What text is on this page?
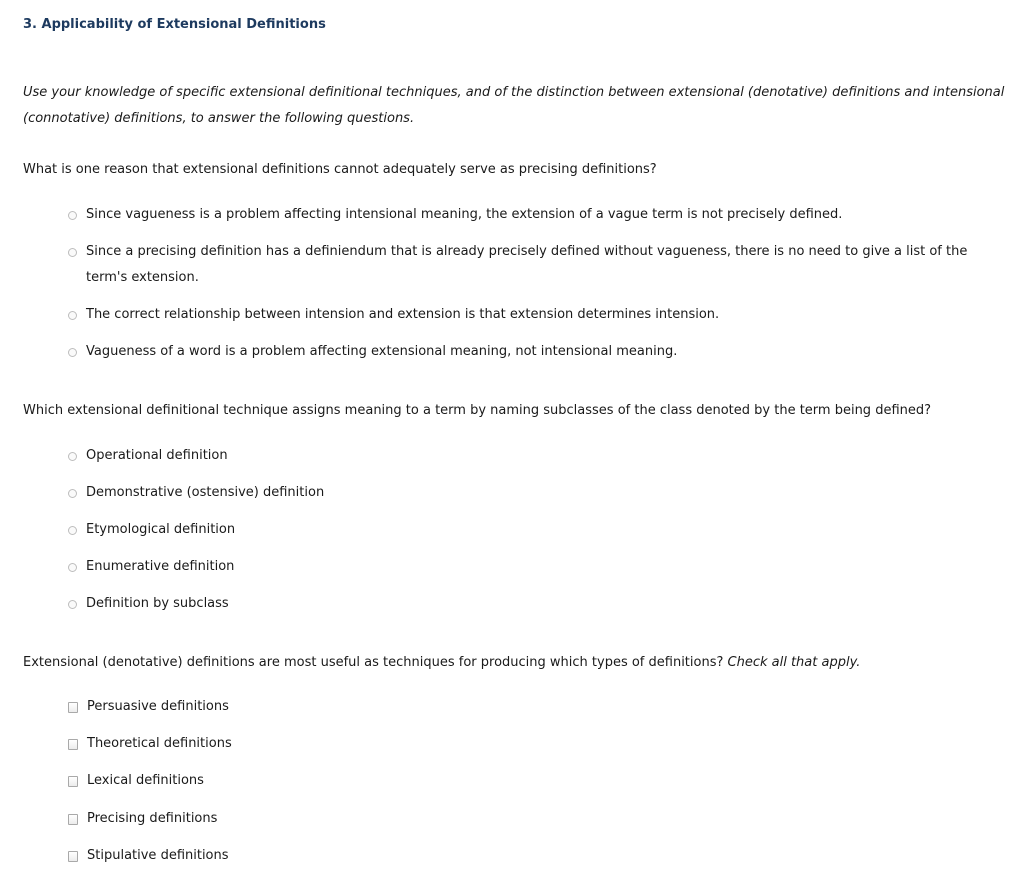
3. Applicability of Extensional Definitions

Use your knowledge of specific extensional definitional techniques, and of the distinction between extensional (denotative) definitions and intensional (connotative) definitions, to answer the following questions.

What is one reason that extensional definitions cannot adequately serve as precising definitions?

Since vagueness is a problem affecting intensional meaning, the extension of a vague term is not precisely defined.
Since a precising definition has a definiendum that is already precisely defined without vagueness, there is no need to give a list of the term's extension.
The correct relationship between intension and extension is that extension determines intension.
Vagueness of a word is a problem affecting extensional meaning, not intensional meaning.

Which extensional definitional technique assigns meaning to a term by naming subclasses of the class denoted by the term being defined?

Operational definition
Demonstrative (ostensive) definition
Etymological definition
Enumerative definition
Definition by subclass

Extensional (denotative) definitions are most useful as techniques for producing which types of definitions? Check all that apply.

Persuasive definitions
Theoretical definitions
Lexical definitions
Precising definitions
Stipulative definitions
